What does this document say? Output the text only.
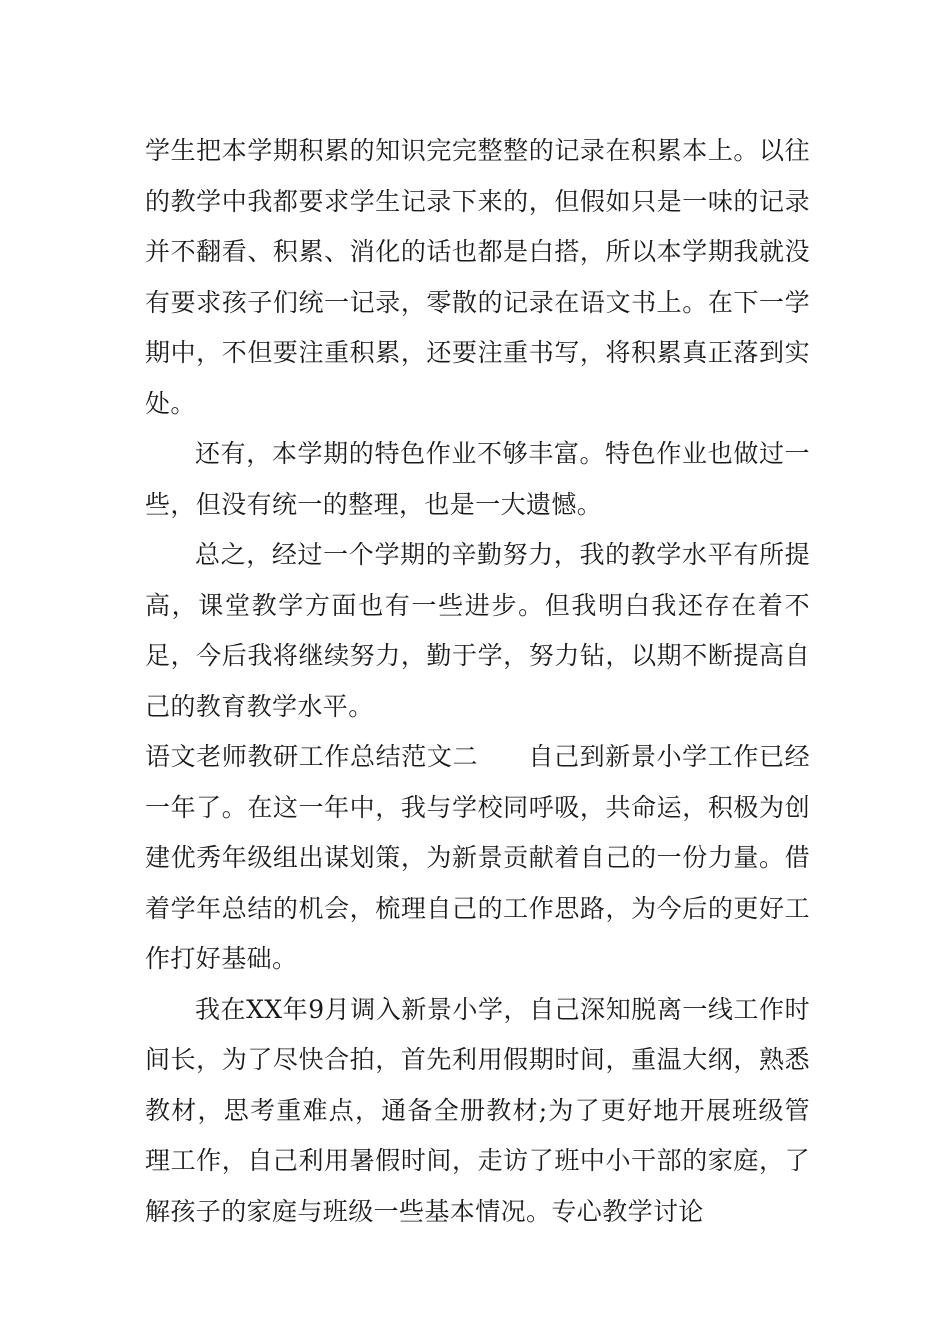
学生把本学期积累的知识完完整整的记录在积累本上。以往的教学中我都要求学生记录下来的，但假如只是一味的记录并不翻看、积累、消化的话也都是白搭，所以本学期我就没有要求孩子们统一记录，零散的记录在语文书上。在下一学期中，不但要注重积累，还要注重书写，将积累真正落到实处。

还有，本学期的特色作业不够丰富。特色作业也做过一些，但没有统一的整理，也是一大遗憾。

总之，经过一个学期的辛勤努力，我的教学水平有所提高，课堂教学方面也有一些进步。但我明白我还存在着不足，今后我将继续努力，勤于学，努力钻，以期不断提高自己的教育教学水平。

语文老师教研工作总结范文二 自己到新景小学工作已经一年了。在这一年中，我与学校同呼吸，共命运，积极为创建优秀年级组出谋划策，为新景贡献着自己的一份力量。借着学年总结的机会，梳理自己的工作思路，为今后的更好工作打好基础。

我在XX年9月调入新景小学，自己深知脱离一线工作时间长，为了尽快合拍，首先利用假期时间，重温大纲，熟悉教材，思考重难点，通备全册教材;为了更好地开展班级管理工作，自己利用暑假时间，走访了班中小干部的家庭，了解孩子的家庭与班级一些基本情况。专心教学讨论
